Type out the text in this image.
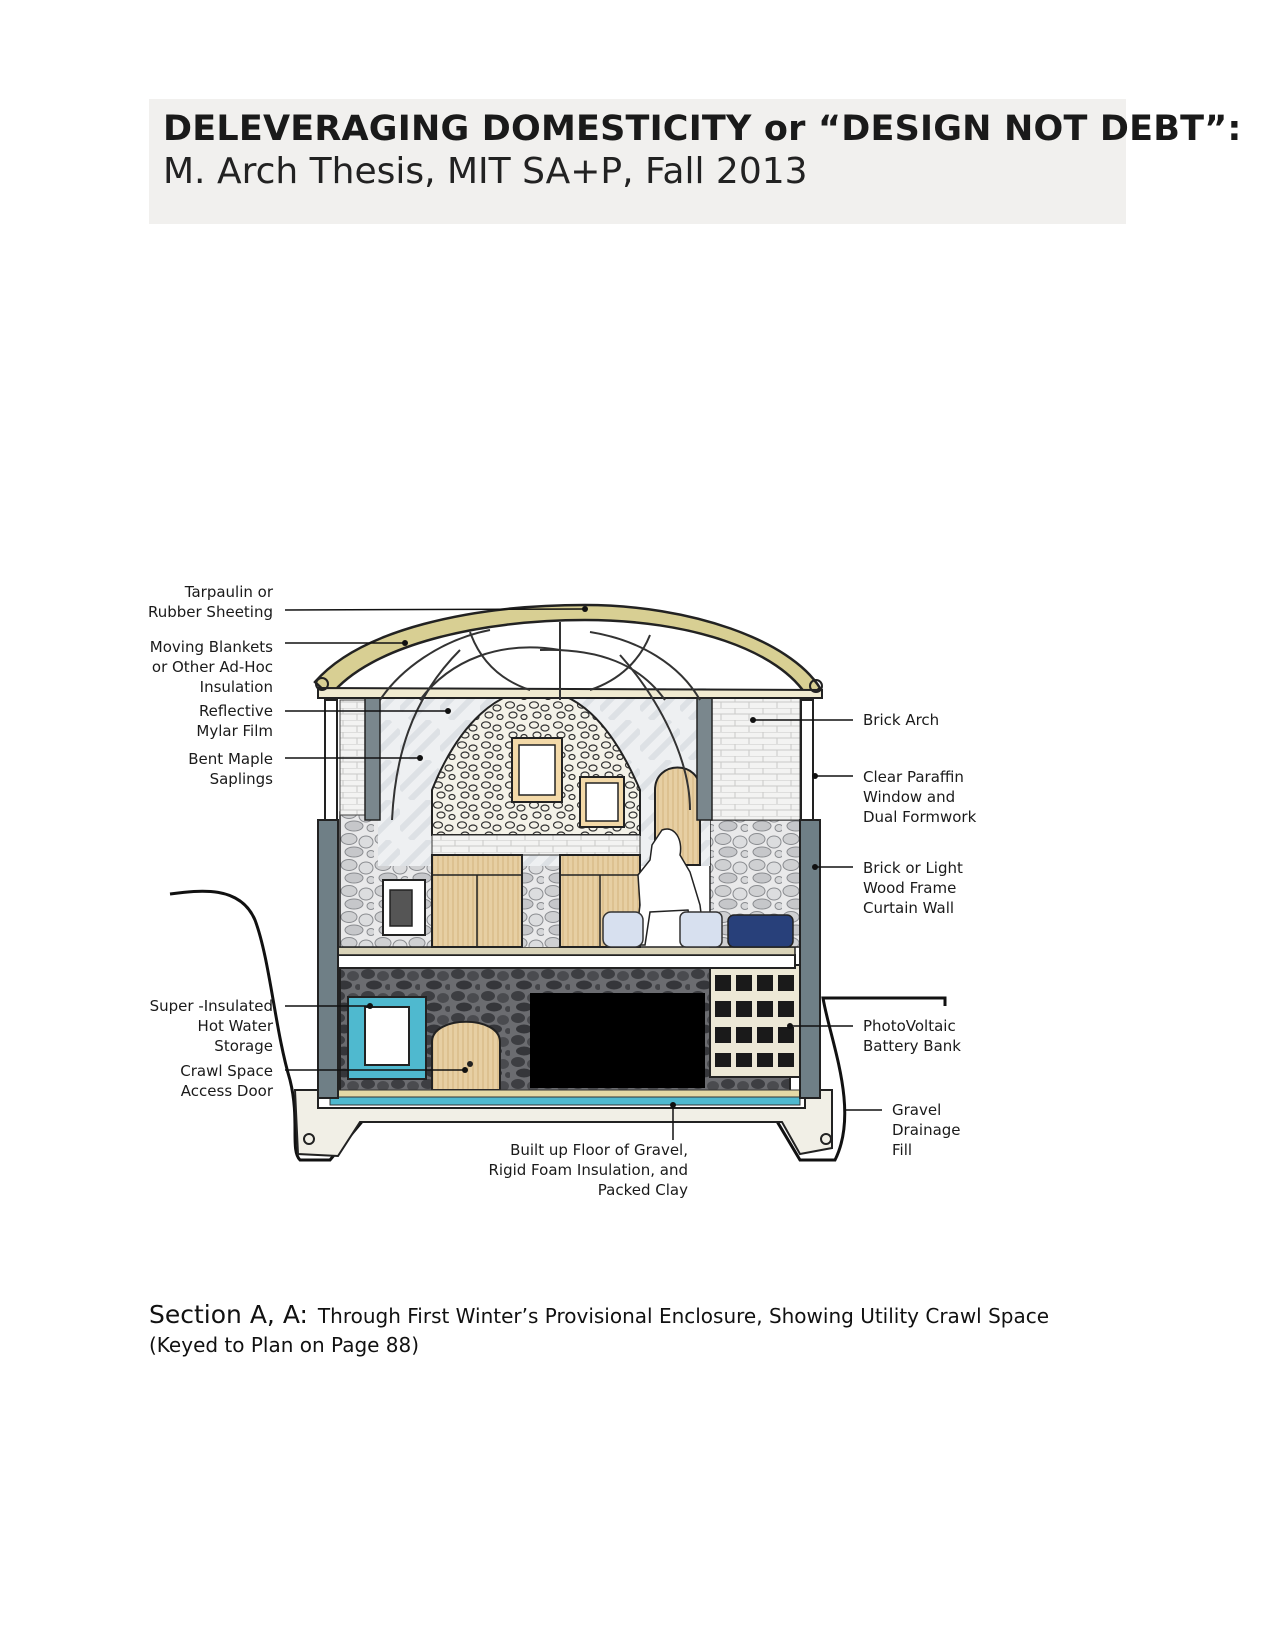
DELEVERAGING DOMESTICITY or “DESIGN NOT DEBT”:
M. Arch Thesis, MIT SA+P, Fall 2013
Tarpaulin or
Rubber Sheeting
Moving Blankets
or Other Ad-Hoc
Insulation
Reflective
Mylar Film
Bent Maple
Saplings
Super -Insulated
Hot Water
Storage
Crawl Space
Access Door
Brick Arch
Clear Paraffin
Window and
Dual Formwork
Brick or Light
Wood Frame
Curtain Wall
PhotoVoltaic
Battery Bank
Gravel
Drainage
Fill
Built up Floor of Gravel,
Rigid Foam Insulation, and
Packed Clay
Section A, A: Through First Winter’s Provisional Enclosure, Showing Utility Crawl Space
(Keyed to Plan on Page 88)
